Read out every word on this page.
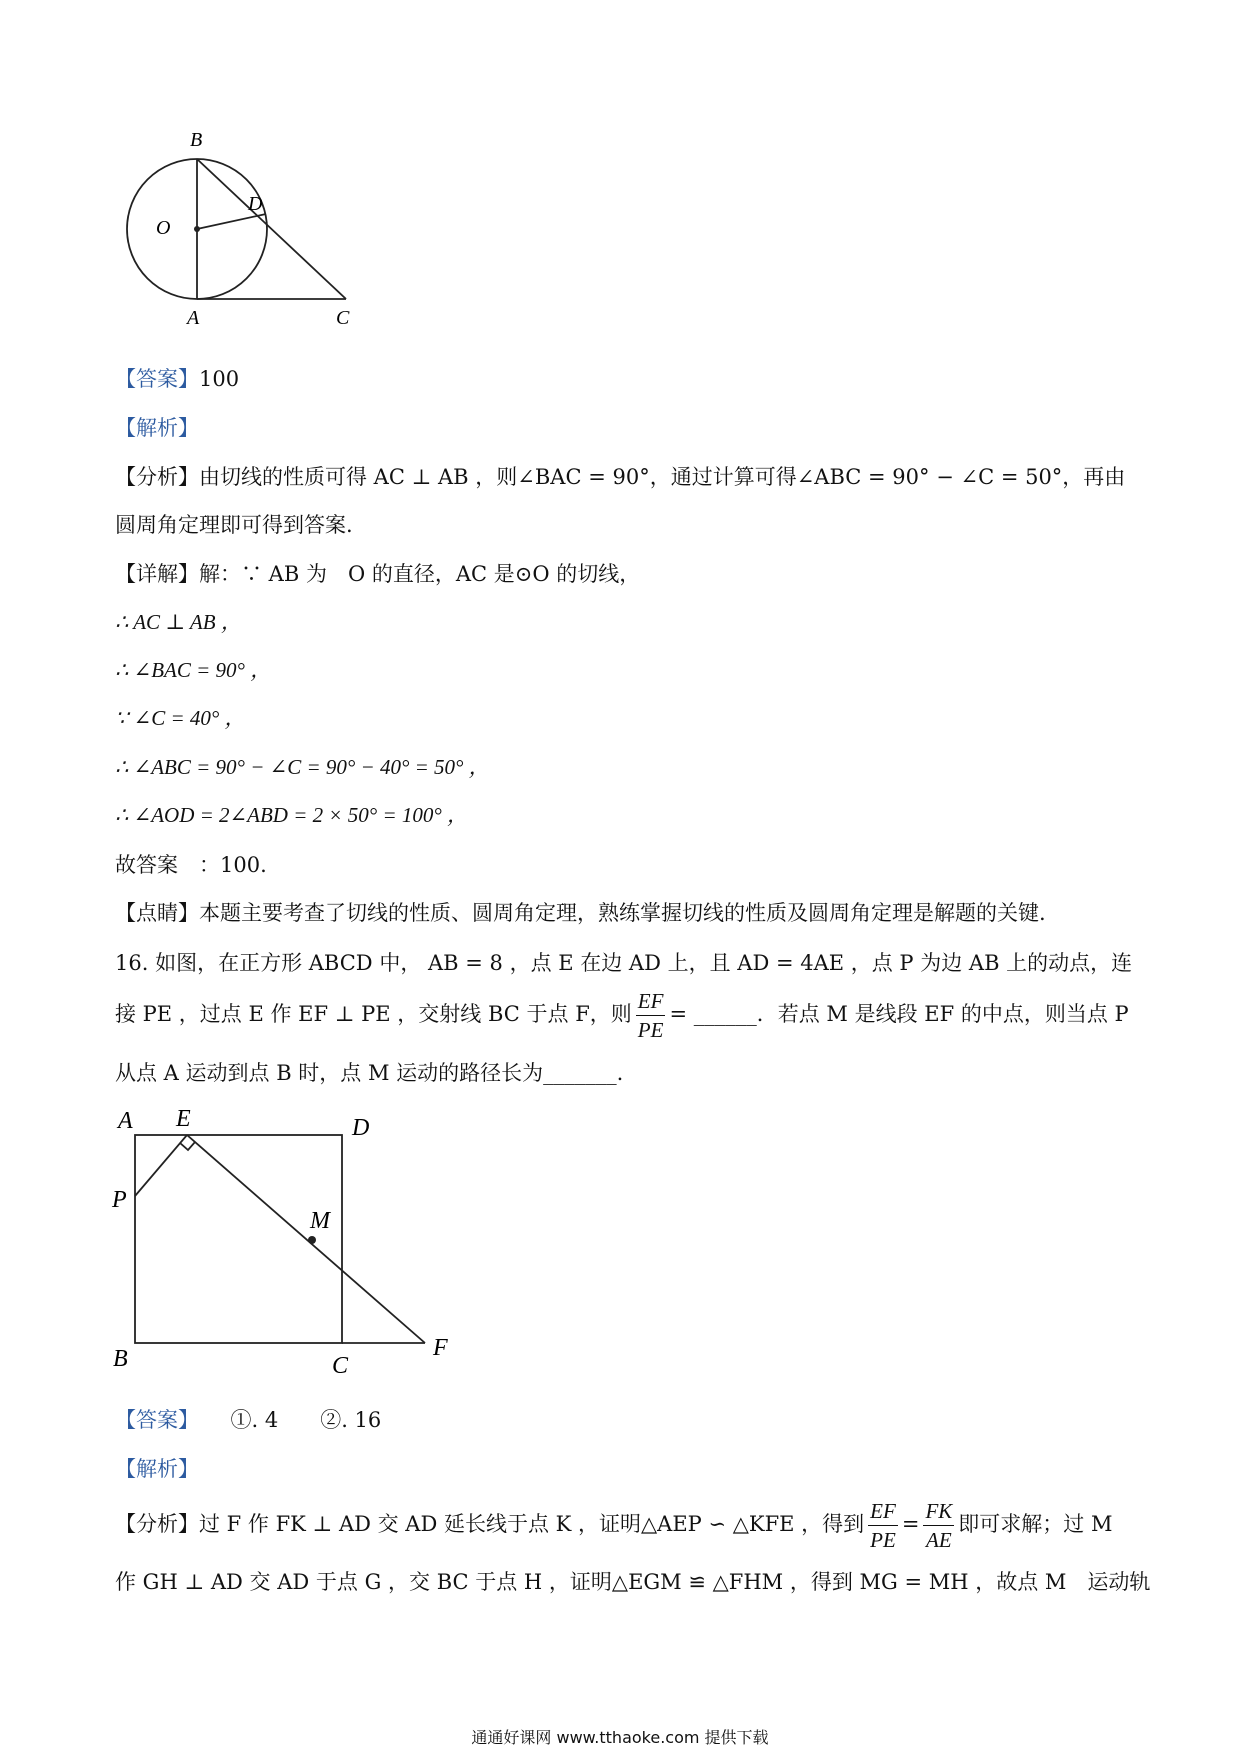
B
D
O
A	C
【答案】100
【解析】
【分析】由切线的性质可得 AC ⊥ AB ，则∠BAC = 90°，通过计算可得∠ABC = 90° − ∠C = 50°，再由
圆周角定理即可得到答案.
【详解】解：∵ AB 为　O 的直径，AC 是⊙O 的切线，
∴ AC ⊥ AB ，
∴ ∠BAC = 90° ，
∵ ∠C = 40° ，
∴ ∠ABC = 90° − ∠C = 90° − 40° = 50° ，
∴ ∠AOD = 2∠ABD = 2 × 50° = 100° ，
故答案　：100.
【点睛】本题主要考查了切线的性质、圆周角定理，熟练掌握切线的性质及圆周角定理是解题的关键.
16. 如图，在正方形 ABCD 中， AB = 8 ，点 E 在边 AD 上，且 AD = 4AE ，点 P 为边 AB 上的动点，连
接 PE ，过点 E 作 EF ⊥ PE ，交射线 BC 于点 F，则 $\frac{EF}{PE}$ = ______．若点 M 是线段 EF 的中点，则当点 P
从点 A 运动到点 B 时，点 M 运动的路径长为_______.
A E	D
P
M
B	C
F
【答案】　　 ①. 4　　②. 16
【解析】
【分析】过 F 作 FK ⊥ AD 交 AD 延长线于点 K ，证明△AEP ∽ △KFE ，得到 $\frac{EF}{PE} = \frac{FK}{AE}$ 即可求解；过 M
作 GH ⊥ AD 交 AD 于点 G ，交 BC 于点 H ，证明△EGM ≌ △FHM ，得到 MG = MH ，故点 M　运动轨
通通好课网 www.tthaoke.com 提供下载
